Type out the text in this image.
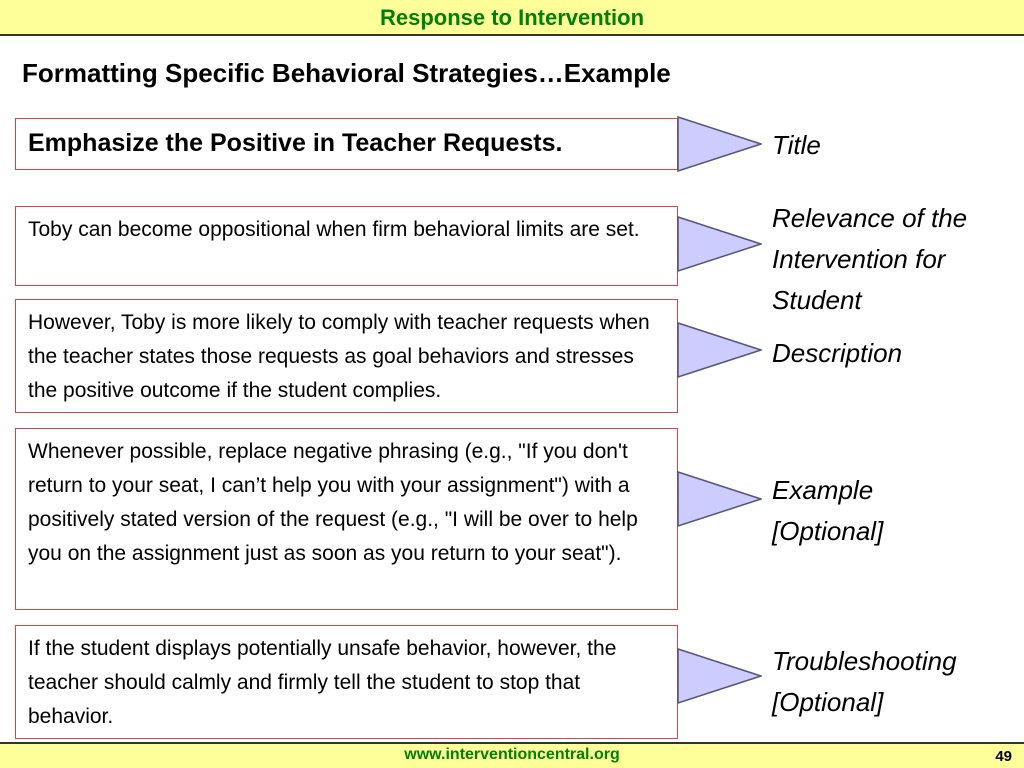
Response to Intervention
Formatting Specific Behavioral Strategies…Example
Emphasize the Positive in Teacher Requests.	Title
Toby can become oppositional when firm behavioral limits are set.	Relevance of the Intervention for Student
However, Toby is more likely to comply with teacher requests when the teacher states those requests as goal behaviors and stresses the positive outcome if the student complies.
Description
Whenever possible, replace negative phrasing (e.g., "If you don't return to your seat, I can’t help you with your assignment") with a positively stated version of the request (e.g., "I will be over to help you on the assignment just as soon as you return to your seat").
Example [Optional]
If the student displays potentially unsafe behavior, however, the teacher should calmly and firmly tell the student to stop that behavior.
Troubleshooting [Optional]
www.interventioncentral.org	49
